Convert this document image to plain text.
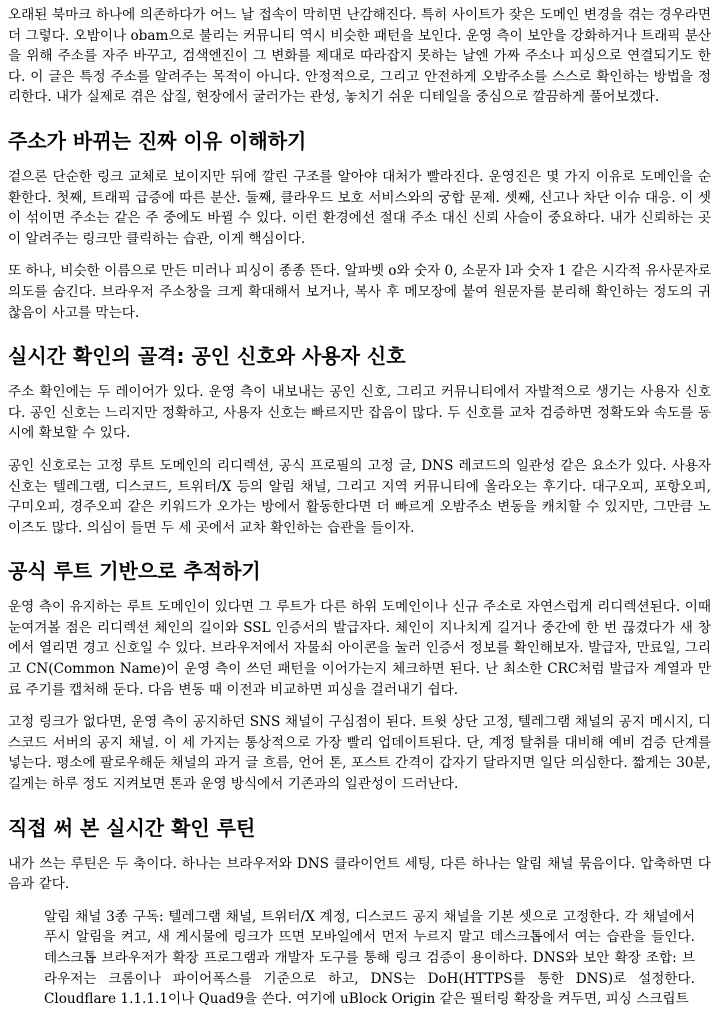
오래된 북마크 하나에 의존하다가 어느 날 접속이 막히면 난감해진다. 특히 사이트가 잦은 도메인 변경을 겪는 경우라면 더 그렇다. 오밤이나 obam으로 불리는 커뮤니티 역시 비슷한 패턴을 보인다. 운영 측이 보안을 강화하거나 트래픽 분산을 위해 주소를 자주 바꾸고, 검색엔진이 그 변화를 제대로 따라잡지 못하는 날엔 가짜 주소나 피싱으로 연결되기도 한다. 이 글은 특정 주소를 알려주는 목적이 아니다. 안정적으로, 그리고 안전하게 오밤주소를 스스로 확인하는 방법을 정리한다. 내가 실제로 겪은 삽질, 현장에서 굴러가는 관성, 놓치기 쉬운 디테일을 중심으로 깔끔하게 풀어보겠다.

주소가 바뀌는 진짜 이유 이해하기

겉으론 단순한 링크 교체로 보이지만 뒤에 깔린 구조를 알아야 대처가 빨라진다. 운영진은 몇 가지 이유로 도메인을 순환한다. 첫째, 트래픽 급증에 따른 분산. 둘째, 클라우드 보호 서비스와의 궁합 문제. 셋째, 신고나 차단 이슈 대응. 이 셋이 섞이면 주소는 같은 주 중에도 바뀔 수 있다. 이런 환경에선 절대 주소 대신 신뢰 사슬이 중요하다. 내가 신뢰하는 곳이 알려주는 링크만 클릭하는 습관, 이게 핵심이다.

또 하나, 비슷한 이름으로 만든 미러나 피싱이 종종 뜬다. 알파벳 o와 숫자 0, 소문자 l과 숫자 1 같은 시각적 유사문자로 의도를 숨긴다. 브라우저 주소창을 크게 확대해서 보거나, 복사 후 메모장에 붙여 원문자를 분리해 확인하는 정도의 귀찮음이 사고를 막는다.

실시간 확인의 골격: 공인 신호와 사용자 신호

주소 확인에는 두 레이어가 있다. 운영 측이 내보내는 공인 신호, 그리고 커뮤니티에서 자발적으로 생기는 사용자 신호다. 공인 신호는 느리지만 정확하고, 사용자 신호는 빠르지만 잡음이 많다. 두 신호를 교차 검증하면 정확도와 속도를 동시에 확보할 수 있다.

공인 신호로는 고정 루트 도메인의 리디렉션, 공식 프로필의 고정 글, DNS 레코드의 일관성 같은 요소가 있다. 사용자 신호는 텔레그램, 디스코드, 트위터/X 등의 알림 채널, 그리고 지역 커뮤니티에 올라오는 후기다. 대구오피, 포항오피, 구미오피, 경주오피 같은 키워드가 오가는 방에서 활동한다면 더 빠르게 오밤주소 변동을 캐치할 수 있지만, 그만큼 노이즈도 많다. 의심이 들면 두 세 곳에서 교차 확인하는 습관을 들이자.

공식 루트 기반으로 추적하기

운영 측이 유지하는 루트 도메인이 있다면 그 루트가 다른 하위 도메인이나 신규 주소로 자연스럽게 리디렉션된다. 이때 눈여겨볼 점은 리디렉션 체인의 길이와 SSL 인증서의 발급자다. 체인이 지나치게 길거나 중간에 한 번 끊겼다가 새 창에서 열리면 경고 신호일 수 있다. 브라우저에서 자물쇠 아이콘을 눌러 인증서 정보를 확인해보자. 발급자, 만료일, 그리고 CN(Common Name)이 운영 측이 쓰던 패턴을 이어가는지 체크하면 된다. 난 최소한 CRC처럼 발급자 계열과 만료 주기를 캡처해 둔다. 다음 변동 때 이전과 비교하면 피싱을 걸러내기 쉽다.

고정 링크가 없다면, 운영 측이 공지하던 SNS 채널이 구심점이 된다. 트윗 상단 고정, 텔레그램 채널의 공지 메시지, 디스코드 서버의 공지 채널. 이 세 가지는 통상적으로 가장 빨리 업데이트된다. 단, 계정 탈취를 대비해 예비 검증 단계를 넣는다. 평소에 팔로우해둔 채널의 과거 글 흐름, 언어 톤, 포스트 간격이 갑자기 달라지면 일단 의심한다. 짧게는 30분, 길게는 하루 정도 지켜보면 톤과 운영 방식에서 기존과의 일관성이 드러난다.

직접 써 본 실시간 확인 루틴

내가 쓰는 루틴은 두 축이다. 하나는 브라우저와 DNS 클라이언트 세팅, 다른 하나는 알림 채널 묶음이다. 압축하면 다음과 같다.

알림 채널 3종 구독: 텔레그램 채널, 트위터/X 계정, 디스코드 공지 채널을 기본 셋으로 고정한다. 각 채널에서 푸시 알림을 켜고, 새 게시물에 링크가 뜨면 모바일에서 먼저 누르지 말고 데스크톱에서 여는 습관을 들인다. 데스크톱 브라우저가 확장 프로그램과 개발자 도구를 통해 링크 검증이 용이하다. DNS와 보안 확장 조합: 브라우저는 크롬이나 파이어폭스를 기준으로 하고, DNS는 DoH(HTTPS를 통한 DNS)로 설정한다. Cloudflare 1.1.1.1이나 Quad9을 쓴다. 여기에 uBlock Origin 같은 필터링 확장을 켜두면, 피싱 스크립트
